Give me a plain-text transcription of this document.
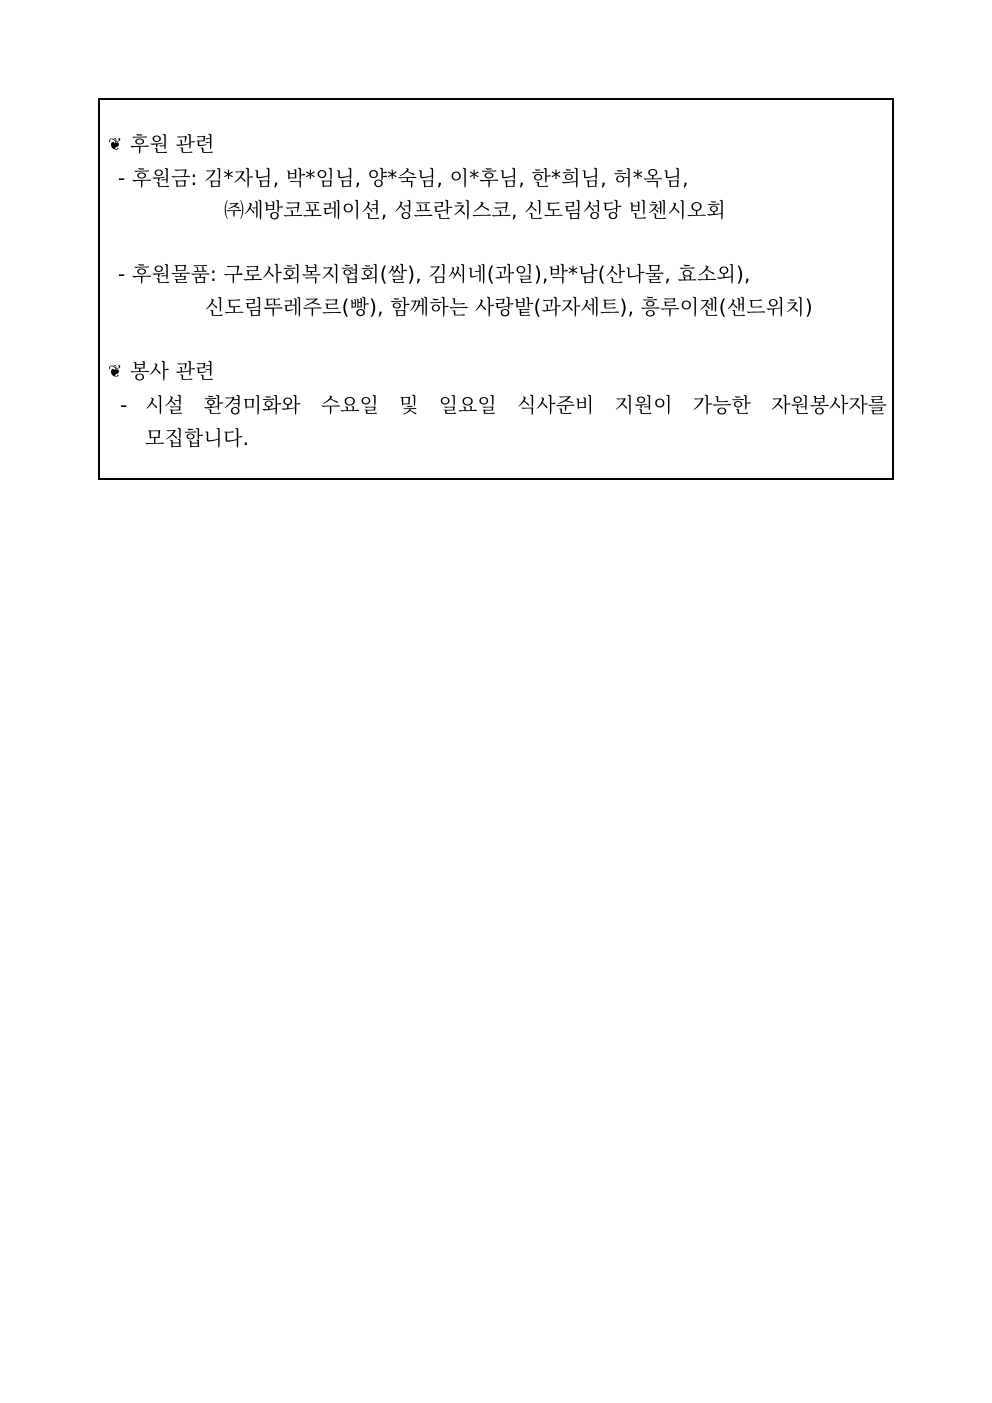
❦ 후원 관련
- 후원금: 김*자님, 박*임님, 양*숙님, 이*후님, 한*희님, 허*옥님,
㈜세방코포레이션, 성프란치스코, 신도림성당 빈첸시오회
- 후원물품: 구로사회복지협회(쌀), 김씨네(과일),박*남(산나물, 효소외),
신도림뚜레주르(빵), 함께하는 사랑밭(과자세트), 흥루이젠(샌드위치)
❦ 봉사 관련
- 시설 환경미화와 수요일 및 일요일 식사준비 지원이 가능한 자원봉사자를
모집합니다.
